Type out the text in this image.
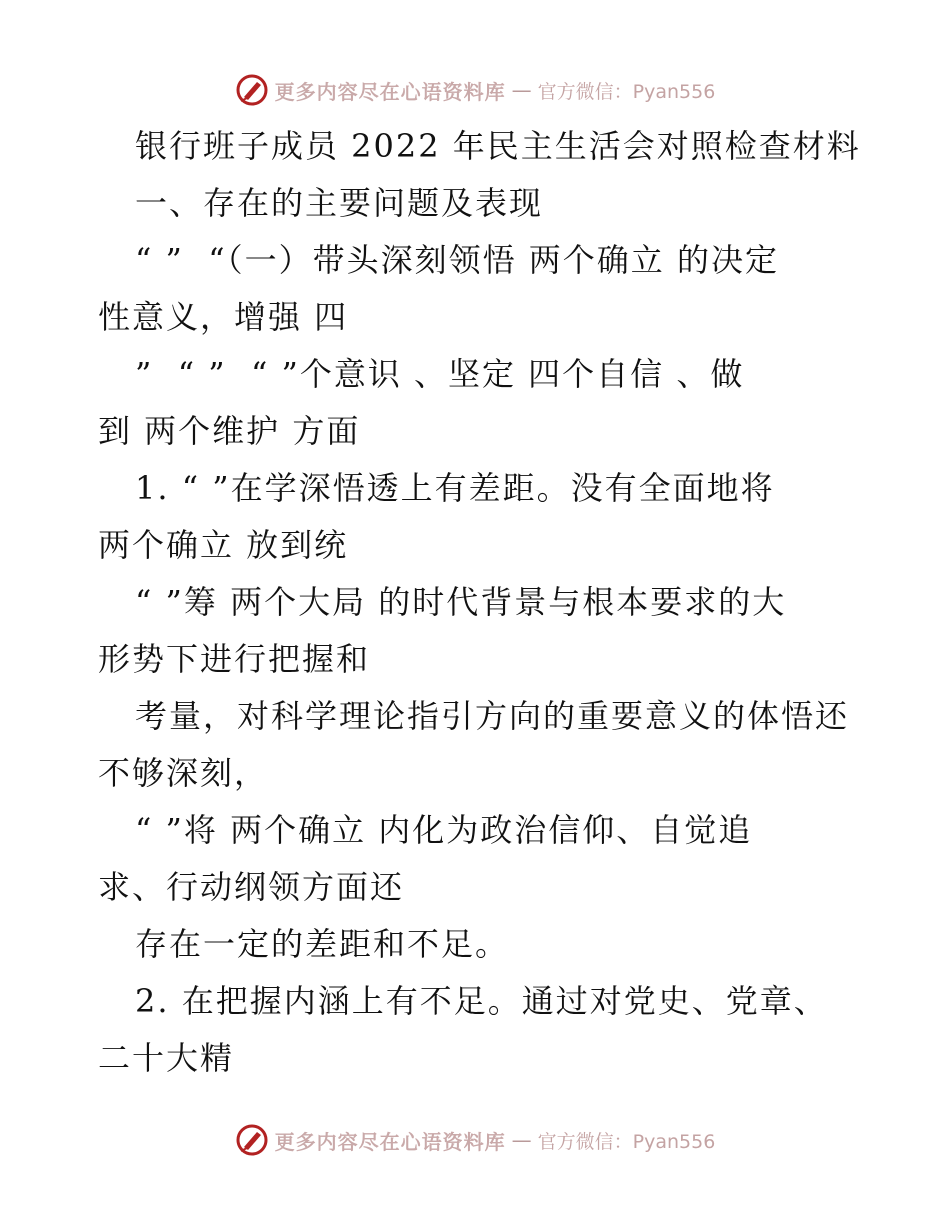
更多内容尽在心语资料库 — 官方微信：Pyan556
银行班子成员 2022 年民主生活会对照检查材料
一、存在的主要问题及表现
“ ”  “（一）带头深刻领悟 两个确立 的决定
性意义，增强 四
”  “ ”  “ ”个意识 、坚定 四个自信 、做
到 两个维护 方面
1. “ ”在学深悟透上有差距。没有全面地将
两个确立 放到统
“ ”筹 两个大局 的时代背景与根本要求的大
形势下进行把握和
考量，对科学理论指引方向的重要意义的体悟还
不够深刻，
“ ”将 两个确立 内化为政治信仰、自觉追
求、行动纲领方面还
存在一定的差距和不足。
2. 在把握内涵上有不足。通过对党史、党章、
二十大精
更多内容尽在心语资料库 — 官方微信：Pyan556
